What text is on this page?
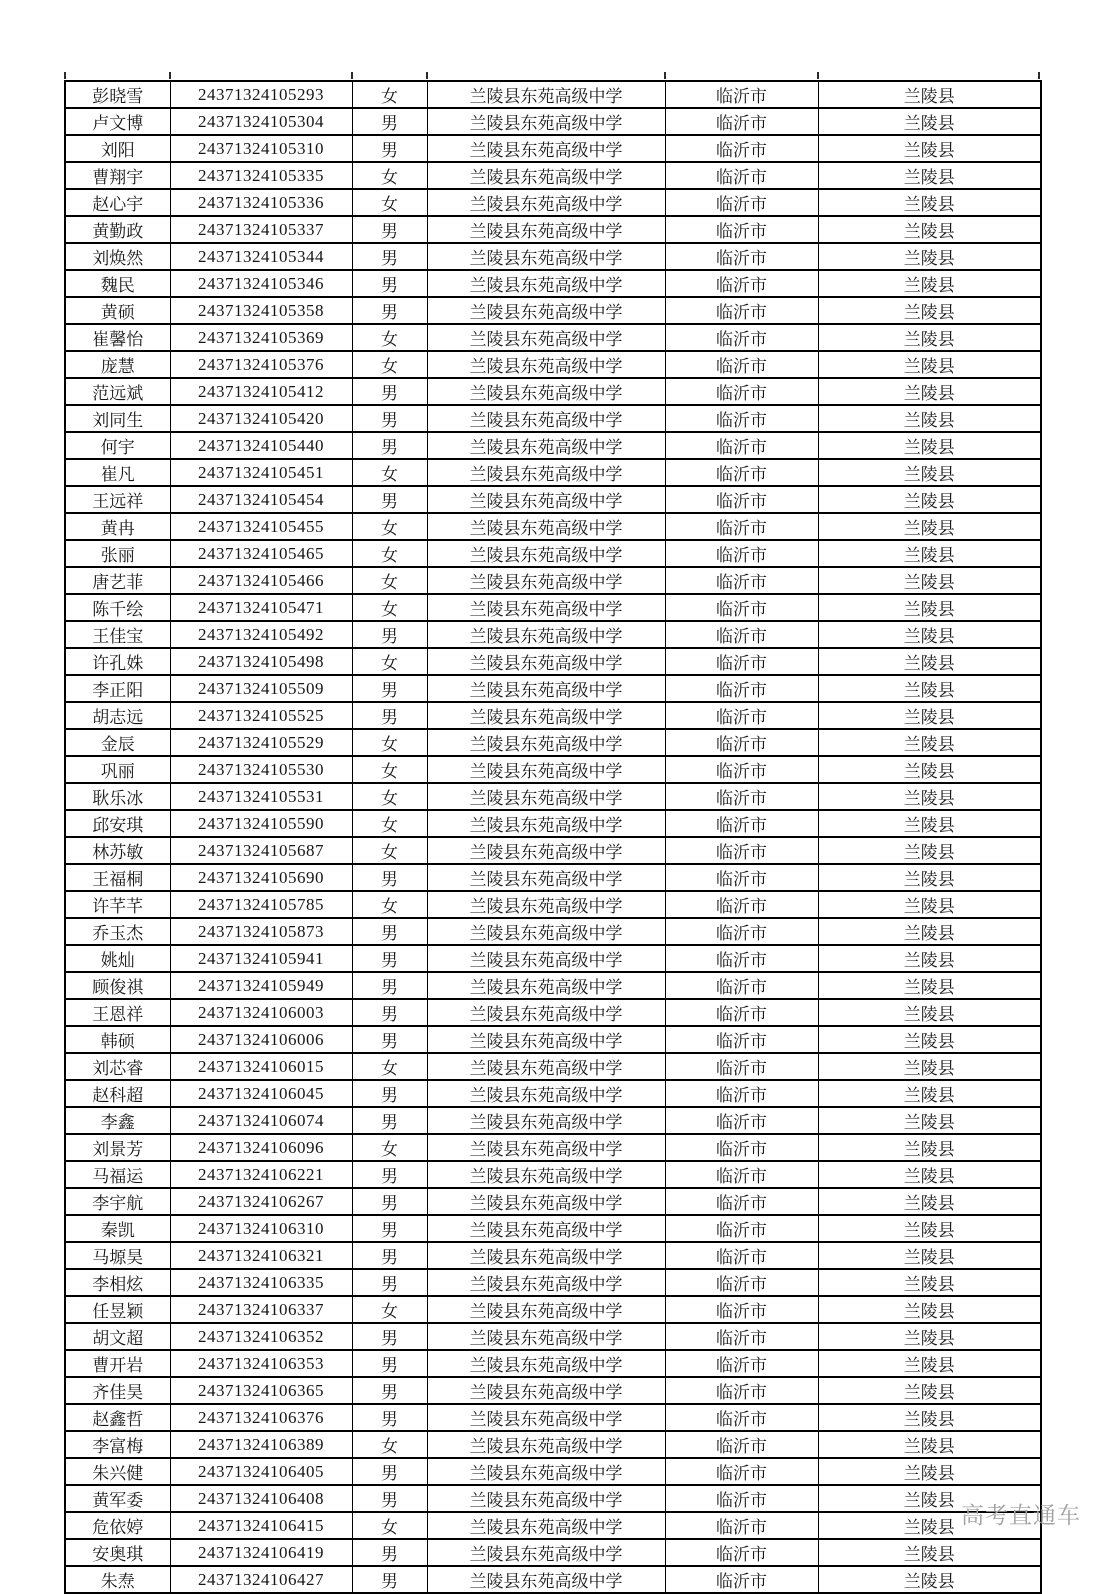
彭晓雪	24371324105293	女	兰陵县东苑高级中学	临沂市	兰陵县
卢文博	24371324105304	男	兰陵县东苑高级中学	临沂市	兰陵县
刘阳	24371324105310	男	兰陵县东苑高级中学	临沂市	兰陵县
曹翔宇	24371324105335	女	兰陵县东苑高级中学	临沂市	兰陵县
赵心宇	24371324105336	女	兰陵县东苑高级中学	临沂市	兰陵县
黄勤政	24371324105337	男	兰陵县东苑高级中学	临沂市	兰陵县
刘焕然	24371324105344	男	兰陵县东苑高级中学	临沂市	兰陵县
魏民	24371324105346	男	兰陵县东苑高级中学	临沂市	兰陵县
黄硕	24371324105358	男	兰陵县东苑高级中学	临沂市	兰陵县
崔馨怡	24371324105369	女	兰陵县东苑高级中学	临沂市	兰陵县
庞慧	24371324105376	女	兰陵县东苑高级中学	临沂市	兰陵县
范远斌	24371324105412	男	兰陵县东苑高级中学	临沂市	兰陵县
刘同生	24371324105420	男	兰陵县东苑高级中学	临沂市	兰陵县
何宇	24371324105440	男	兰陵县东苑高级中学	临沂市	兰陵县
崔凡	24371324105451	女	兰陵县东苑高级中学	临沂市	兰陵县
王远祥	24371324105454	男	兰陵县东苑高级中学	临沂市	兰陵县
黄冉	24371324105455	女	兰陵县东苑高级中学	临沂市	兰陵县
张丽	24371324105465	女	兰陵县东苑高级中学	临沂市	兰陵县
唐艺菲	24371324105466	女	兰陵县东苑高级中学	临沂市	兰陵县
陈千绘	24371324105471	女	兰陵县东苑高级中学	临沂市	兰陵县
王佳宝	24371324105492	男	兰陵县东苑高级中学	临沂市	兰陵县
许孔姝	24371324105498	女	兰陵县东苑高级中学	临沂市	兰陵县
李正阳	24371324105509	男	兰陵县东苑高级中学	临沂市	兰陵县
胡志远	24371324105525	男	兰陵县东苑高级中学	临沂市	兰陵县
金辰	24371324105529	女	兰陵县东苑高级中学	临沂市	兰陵县
巩丽	24371324105530	女	兰陵县东苑高级中学	临沂市	兰陵县
耿乐冰	24371324105531	女	兰陵县东苑高级中学	临沂市	兰陵县
邱安琪	24371324105590	女	兰陵县东苑高级中学	临沂市	兰陵县
林苏敏	24371324105687	女	兰陵县东苑高级中学	临沂市	兰陵县
王福桐	24371324105690	男	兰陵县东苑高级中学	临沂市	兰陵县
许芊芊	24371324105785	女	兰陵县东苑高级中学	临沂市	兰陵县
乔玉杰	24371324105873	男	兰陵县东苑高级中学	临沂市	兰陵县
姚灿	24371324105941	男	兰陵县东苑高级中学	临沂市	兰陵县
顾俊祺	24371324105949	男	兰陵县东苑高级中学	临沂市	兰陵县
王恩祥	24371324106003	男	兰陵县东苑高级中学	临沂市	兰陵县
韩硕	24371324106006	男	兰陵县东苑高级中学	临沂市	兰陵县
刘芯睿	24371324106015	女	兰陵县东苑高级中学	临沂市	兰陵县
赵科超	24371324106045	男	兰陵县东苑高级中学	临沂市	兰陵县
李鑫	24371324106074	男	兰陵县东苑高级中学	临沂市	兰陵县
刘景芳	24371324106096	女	兰陵县东苑高级中学	临沂市	兰陵县
马福运	24371324106221	男	兰陵县东苑高级中学	临沂市	兰陵县
李宇航	24371324106267	男	兰陵县东苑高级中学	临沂市	兰陵县
秦凯	24371324106310	男	兰陵县东苑高级中学	临沂市	兰陵县
马塬昊	24371324106321	男	兰陵县东苑高级中学	临沂市	兰陵县
李相炫	24371324106335	男	兰陵县东苑高级中学	临沂市	兰陵县
任昱颖	24371324106337	女	兰陵县东苑高级中学	临沂市	兰陵县
胡文超	24371324106352	男	兰陵县东苑高级中学	临沂市	兰陵县
曹开岩	24371324106353	男	兰陵县东苑高级中学	临沂市	兰陵县
齐佳昊	24371324106365	男	兰陵县东苑高级中学	临沂市	兰陵县
赵鑫哲	24371324106376	男	兰陵县东苑高级中学	临沂市	兰陵县
李富梅	24371324106389	女	兰陵县东苑高级中学	临沂市	兰陵县
朱兴健	24371324106405	男	兰陵县东苑高级中学	临沂市	兰陵县
黄军委	24371324106408	男	兰陵县东苑高级中学	临沂市	兰陵县
危依婷	24371324106415	女	兰陵县东苑高级中学	临沂市	兰陵县
安奥琪	24371324106419	男	兰陵县东苑高级中学	临沂市	兰陵县
朱焘	24371324106427	男	兰陵县东苑高级中学	临沂市	兰陵县
高考直通车
